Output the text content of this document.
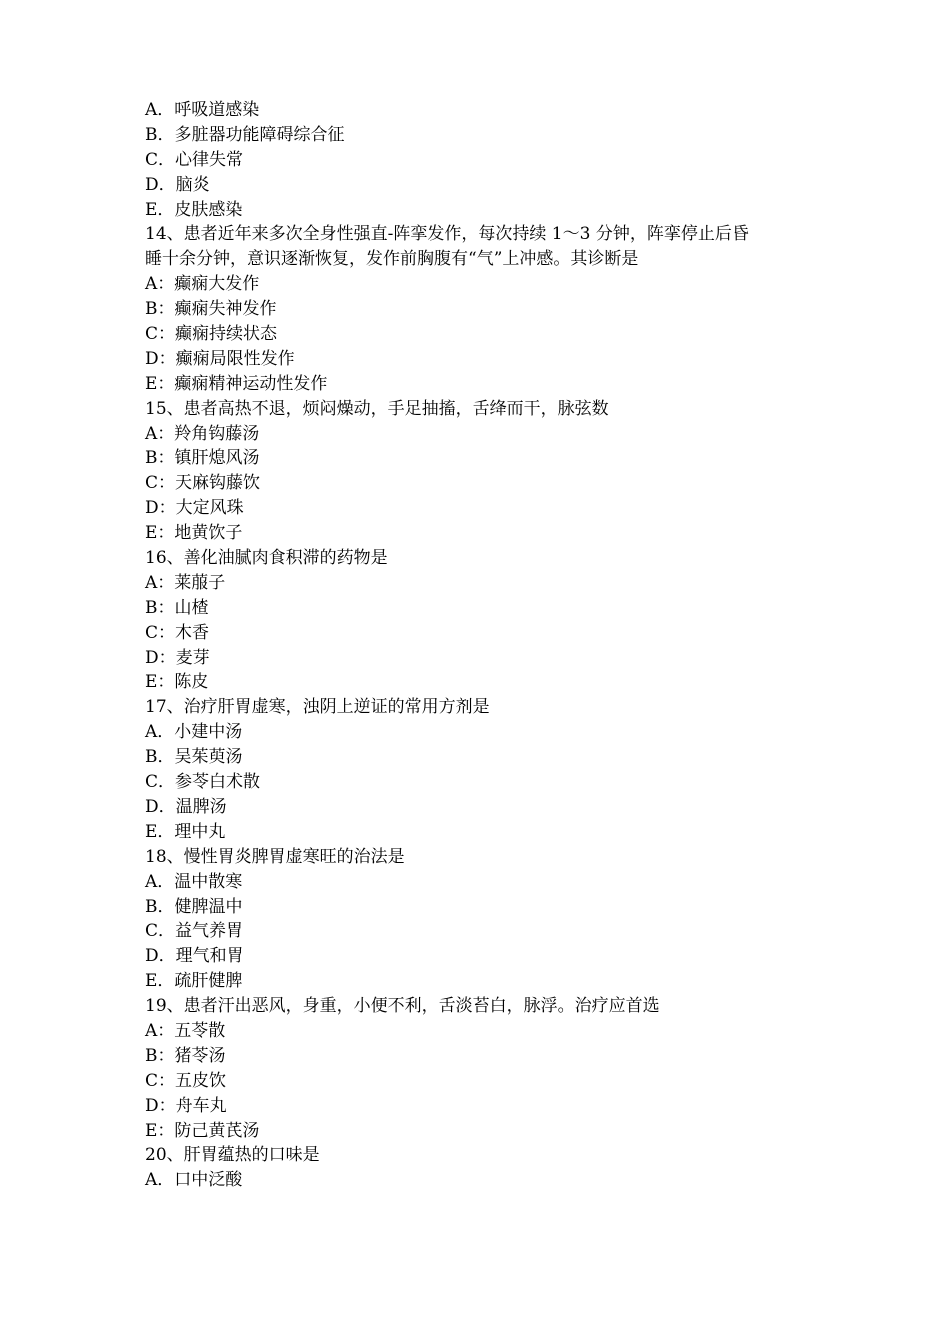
A．呼吸道感染
B．多脏器功能障碍综合征
C．心律失常
D．脑炎
E．皮肤感染
14、患者近年来多次全身性强直-阵挛发作，每次持续 1～3 分钟，阵挛停止后昏
睡十余分钟，意识逐渐恢复，发作前胸腹有“气”上冲感。其诊断是
A：癫痫大发作
B：癫痫失神发作
C：癫痫持续状态
D：癫痫局限性发作
E：癫痫精神运动性发作
15、患者高热不退，烦闷燥动，手足抽搐，舌绛而干，脉弦数
A：羚角钩藤汤
B：镇肝熄风汤
C：天麻钩藤饮
D：大定风珠
E：地黄饮子
16、善化油腻肉食积滞的药物是
A：莱菔子
B：山楂
C：木香
D：麦芽
E：陈皮
17、治疗肝胃虚寒，浊阴上逆证的常用方剂是
A．小建中汤
B．吴茱萸汤
C．参苓白术散
D．温脾汤
E．理中丸
18、慢性胃炎脾胃虚寒旺的治法是
A．温中散寒
B．健脾温中
C．益气养胃
D．理气和胃
E．疏肝健脾
19、患者汗出恶风，身重，小便不利，舌淡苔白，脉浮。治疗应首选
A：五苓散
B：猪苓汤
C：五皮饮
D：舟车丸
E：防己黄芪汤
20、肝胃蕴热的口味是
A．口中泛酸
